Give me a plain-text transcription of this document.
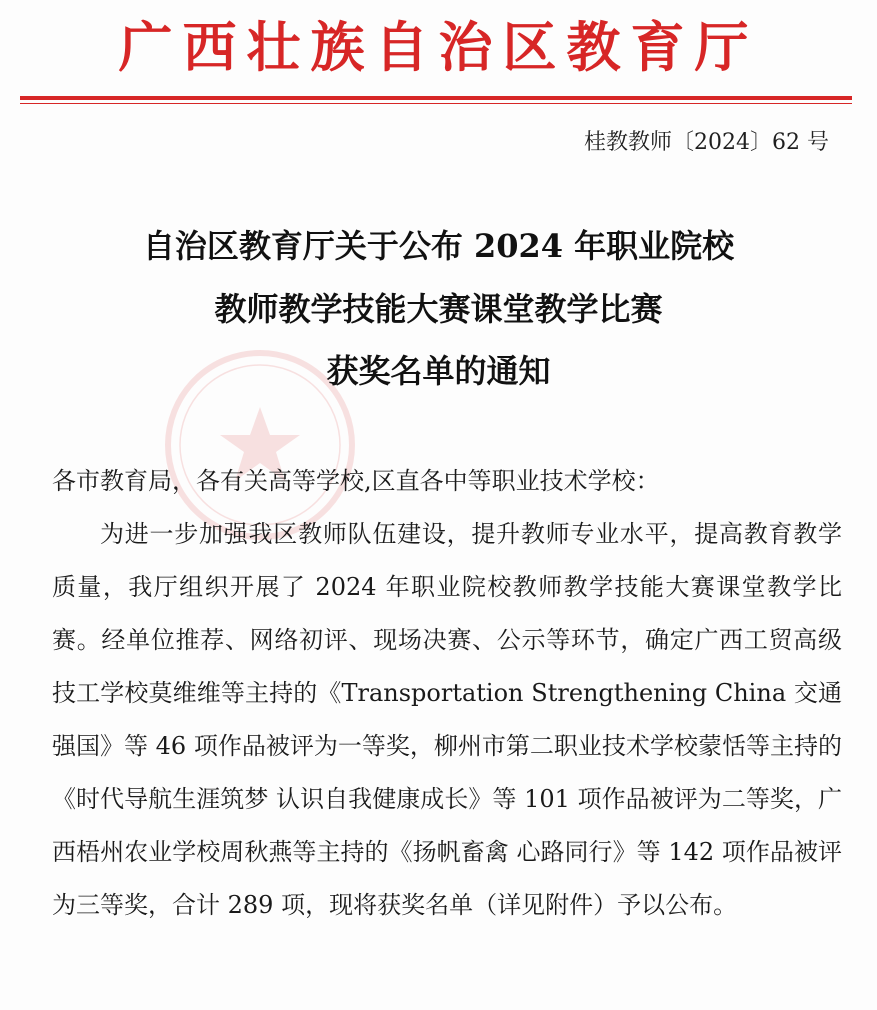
广西壮族自治区教育厅
桂教教师〔2024〕62 号
自治区教育厅关于公布 2024 年职业院校
教师教学技能大赛课堂教学比赛
获奖名单的通知
各市教育局，各有关高等学校,区直各中等职业技术学校：

为进一步加强我区教师队伍建设，提升教师专业水平，提高教育教学质量，我厅组织开展了 2024 年职业院校教师教学技能大赛课堂教学比赛。经单位推荐、网络初评、现场决赛、公示等环节，确定广西工贸高级技工学校莫维维等主持的《Transportation Strengthening China 交通强国》等 46 项作品被评为一等奖，柳州市第二职业技术学校蒙恬等主持的《时代导航生涯筑梦 认识自我健康成长》等 101 项作品被评为二等奖，广西梧州农业学校周秋燕等主持的《扬帆畜禽 心路同行》等 142 项作品被评为三等奖，合计 289 项，现将获奖名单（详见附件）予以公布。
